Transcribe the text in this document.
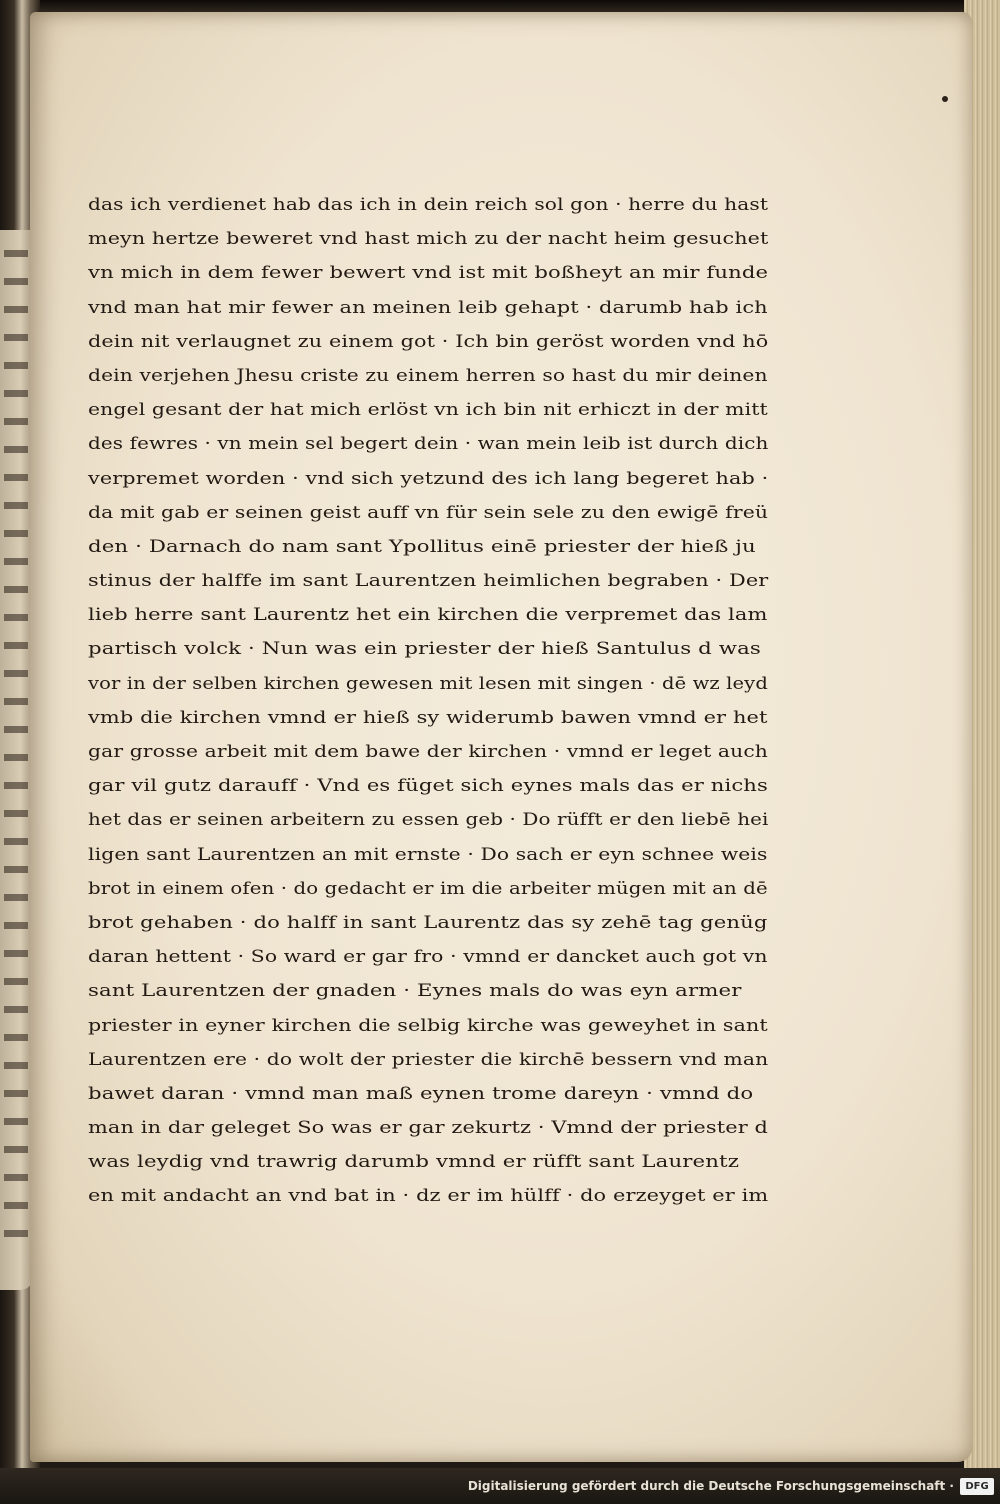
das ich verdienet hab das ich in dein reich sol gon · herre du hast
meyn hertze beweret vnd hast mich zu der nacht heim gesuchet
vn mich in dem fewer bewert vnd ist mit boßheyt an mir funde
vnd man hat mir fewer an meinen leib gehapt · darumb hab ich
dein nit verlaugnet zu einem got · Ich bin geröst worden vnd hō
dein verjehen Jhesu criste zu einem herren so hast du mir deinen
engel gesant der hat mich erlöst vn ich bin nit erhiczt in der mitt
des fewres · vn mein sel begert dein · wan mein leib ist durch dich
verpremet worden · vnd sich yetzund des ich lang begeret hab ·
da mit gab er seinen geist auff vn für sein sele zu den ewigē freü
den · Darnach do nam sant Ypollitus einē priester der hieß ju
stinus der halffe im sant Laurentzen heimlichen begraben · Der
lieb herre sant Laurentz het ein kirchen die verpremet das lam
partisch volck · Nun was ein priester der hieß Santulus d was
vor in der selben kirchen gewesen mit lesen mit singen · dē wz leyd
vmb die kirchen vmnd er hieß sy widerumb bawen vmnd er het
gar grosse arbeit mit dem bawe der kirchen · vmnd er leget auch
gar vil gutz darauff · Vnd es füget sich eynes mals das er nichs
het das er seinen arbeitern zu essen geb · Do rüfft er den liebē hei
ligen sant Laurentzen an mit ernste · Do sach er eyn schnee weis
brot in einem ofen · do gedacht er im die arbeiter mügen mit an dē
brot gehaben · do halff in sant Laurentz das sy zehē tag genüg
daran hettent · So ward er gar fro · vmnd er dancket auch got vn
sant Laurentzen der gnaden · Eynes mals do was eyn armer
priester in eyner kirchen die selbig kirche was geweyhet in sant
Laurentzen ere · do wolt der priester die kirchē bessern vnd man
bawet daran · vmnd man maß eynen trome dareyn · vmnd do
man in dar geleget So was er gar zekurtz · Vmnd der priester d
was leydig vnd trawrig darumb vmnd er rüfft sant Laurentz
en mit andacht an vnd bat in · dz er im hülff · do erzeyget er im
Digitalisierung gefördert durch die Deutsche Forschungsgemeinschaft ·	DFG
